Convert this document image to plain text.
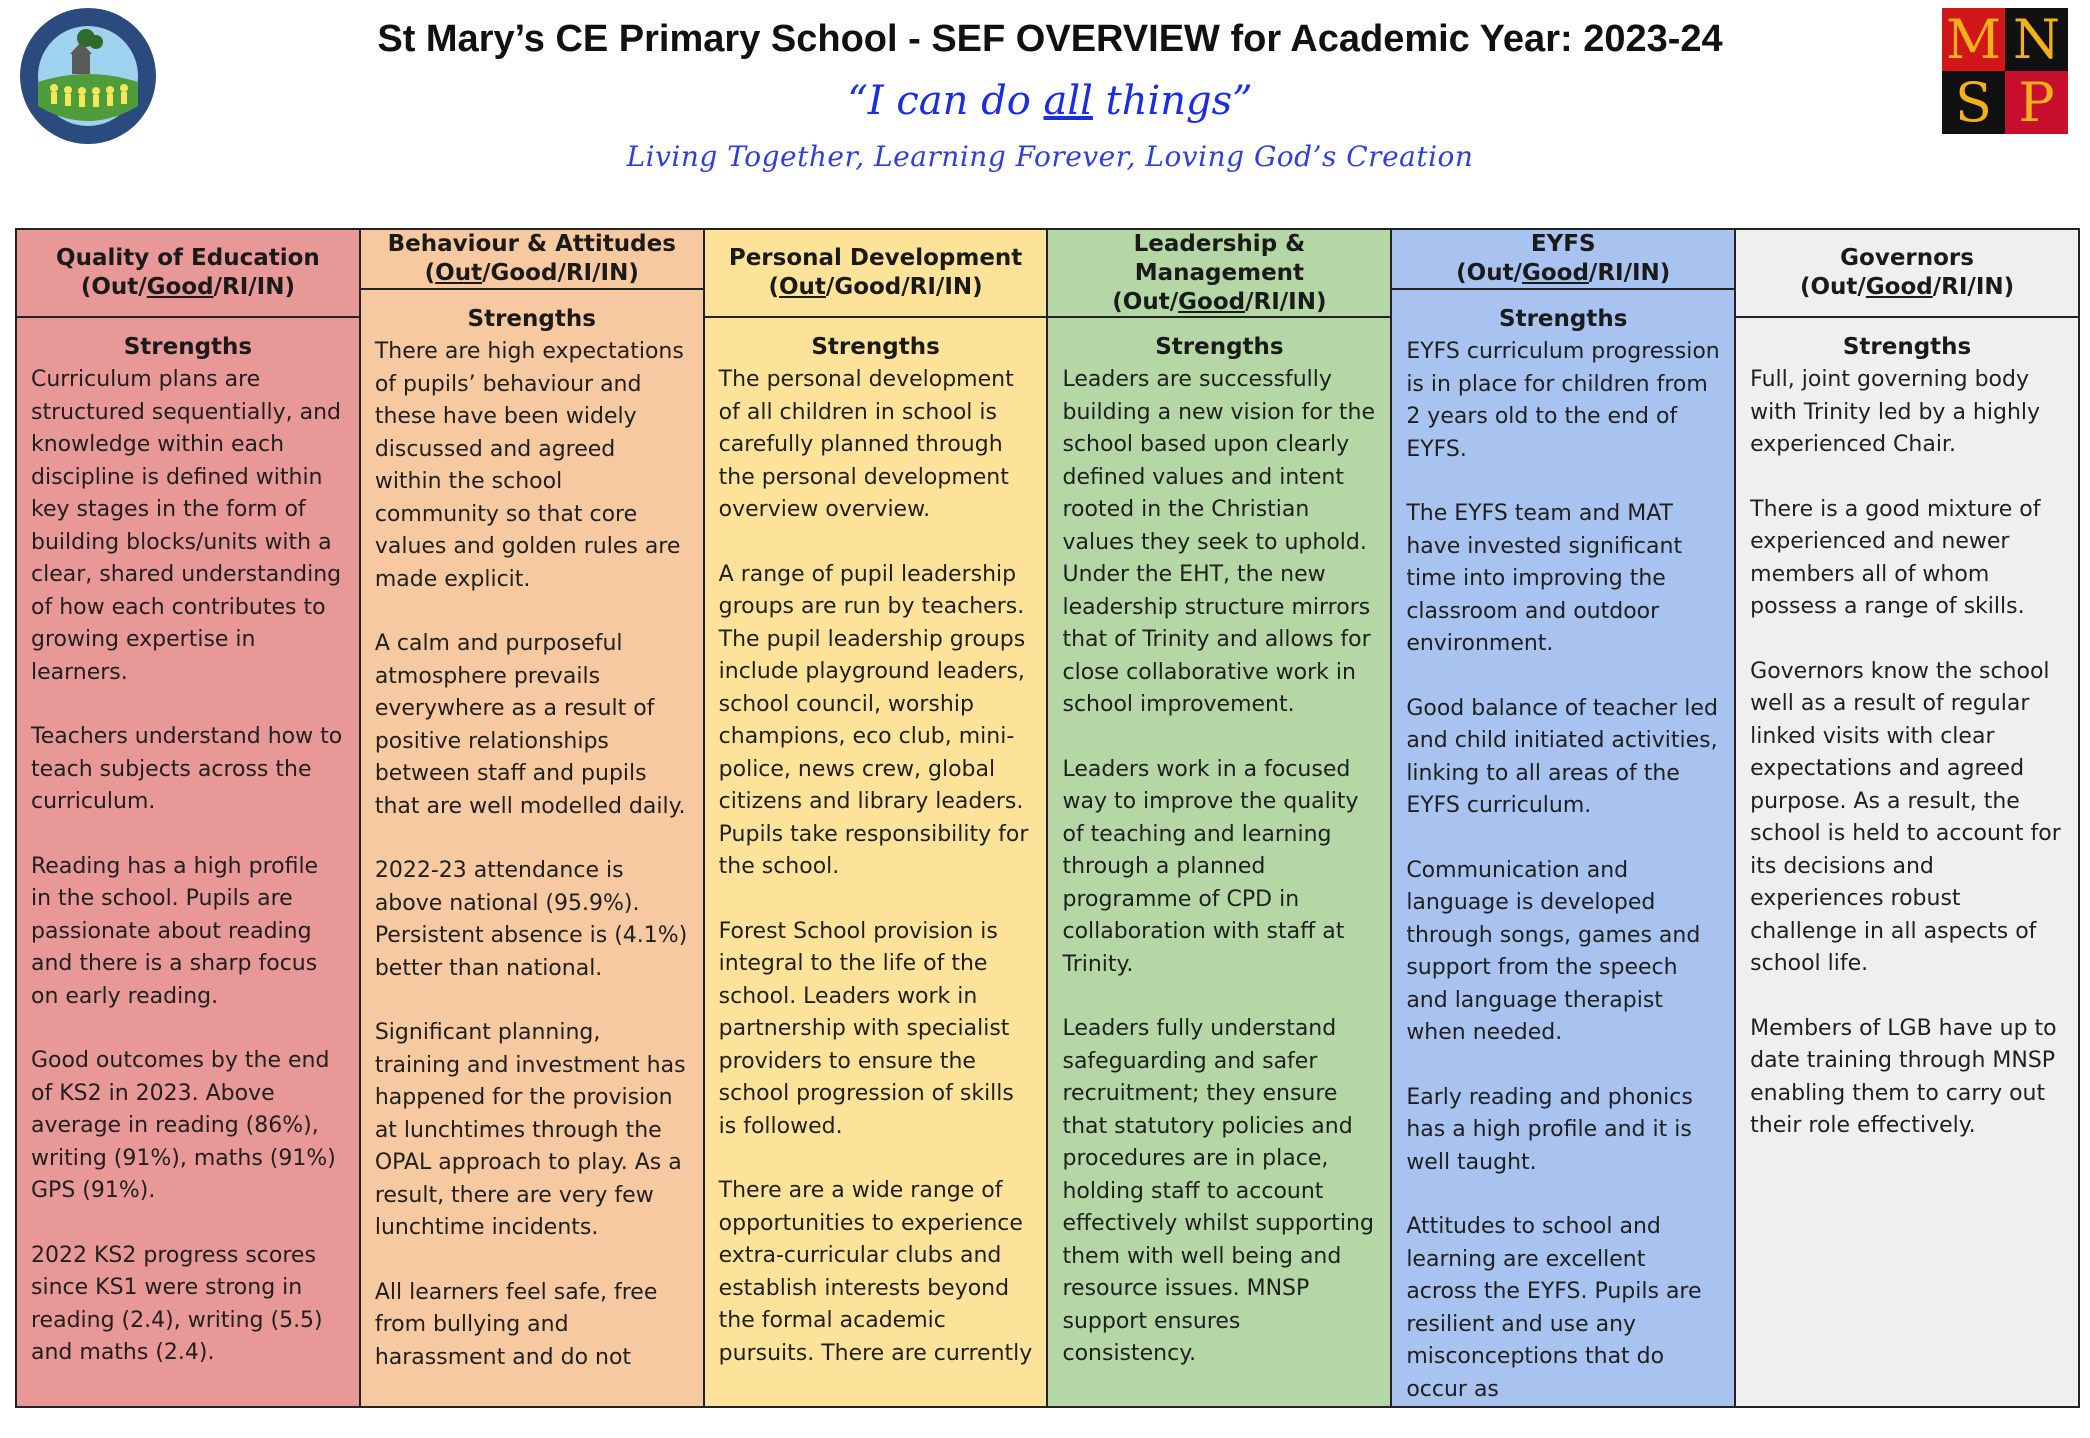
M N
S P
St Mary’s CE Primary School - SEF OVERVIEW for Academic Year: 2023-24
“I can do all things”
Living Together, Learning Forever, Loving God’s Creation
Quality of Education
(Out/Good/RI/IN)
Strengths

Curriculum plans are structured sequentially, and knowledge within each discipline is defined within key stages in the form of building blocks/units with a clear, shared understanding of how each contributes to growing expertise in learners.

Teachers understand how to teach subjects across the curriculum.

Reading has a high profile in the school. Pupils are passionate about reading and there is a sharp focus on early reading.

Good outcomes by the end of KS2 in 2023. Above average in reading (86%), writing (91%), maths (91%) GPS (91%).

2022 KS2 progress scores since KS1 were strong in reading (2.4), writing (5.5) and maths (2.4).

Behaviour & Attitudes
(Out/Good/RI/IN)
Strengths

There are high expectations of pupils’ behaviour and these have been widely discussed and agreed within the school community so that core values and golden rules are made explicit.

A calm and purposeful atmosphere prevails everywhere as a result of positive relationships between staff and pupils that are well modelled daily.

2022-23 attendance is above national (95.9%). Persistent absence is (4.1%) better than national.

Significant planning, training and investment has happened for the provision at lunchtimes through the OPAL approach to play. As a result, there are very few lunchtime incidents.

All learners feel safe, free from bullying and harassment and do not

Personal Development
(Out/Good/RI/IN)
Strengths

The personal development of all children in school is carefully planned through the personal development overview overview.

A range of pupil leadership groups are run by teachers. The pupil leadership groups include playground leaders, school council, worship champions, eco club, mini-police, news crew, global citizens and library leaders. Pupils take responsibility for the school.

Forest School provision is integral to the life of the school. Leaders work in partnership with specialist providers to ensure the school progression of skills is followed.

There are a wide range of opportunities to experience extra-curricular clubs and establish interests beyond the formal academic pursuits. There are currently

Leadership & Management
(Out/Good/RI/IN)
Strengths

Leaders are successfully building a new vision for the school based upon clearly defined values and intent rooted in the Christian values they seek to uphold. Under the EHT, the new leadership structure mirrors that of Trinity and allows for close collaborative work in school improvement.

Leaders work in a focused way to improve the quality of teaching and learning through a planned programme of CPD in collaboration with staff at Trinity.

Leaders fully understand safeguarding and safer recruitment; they ensure that statutory policies and procedures are in place, holding staff to account effectively whilst supporting them with well being and resource issues. MNSP support ensures consistency.

EYFS
(Out/Good/RI/IN)
Strengths

EYFS curriculum progression is in place for children from 2 years old to the end of EYFS.

The EYFS team and MAT have invested significant time into improving the classroom and outdoor environment.

Good balance of teacher led and child initiated activities, linking to all areas of the EYFS curriculum.

Communication and language is developed through songs, games and support from the speech and language therapist when needed.

Early reading and phonics has a high profile and it is well taught.

Attitudes to school and learning are excellent across the EYFS. Pupils are resilient and use any misconceptions that do occur as

Governors
(Out/Good/RI/IN)
Strengths

Full, joint governing body with Trinity led by a highly experienced Chair.

There is a good mixture of experienced and newer members all of whom possess a range of skills.

Governors know the school well as a result of regular linked visits with clear expectations and agreed purpose. As a result, the school is held to account for its decisions and experiences robust challenge in all aspects of school life.

Members of LGB have up to date training through MNSP enabling them to carry out their role effectively.
